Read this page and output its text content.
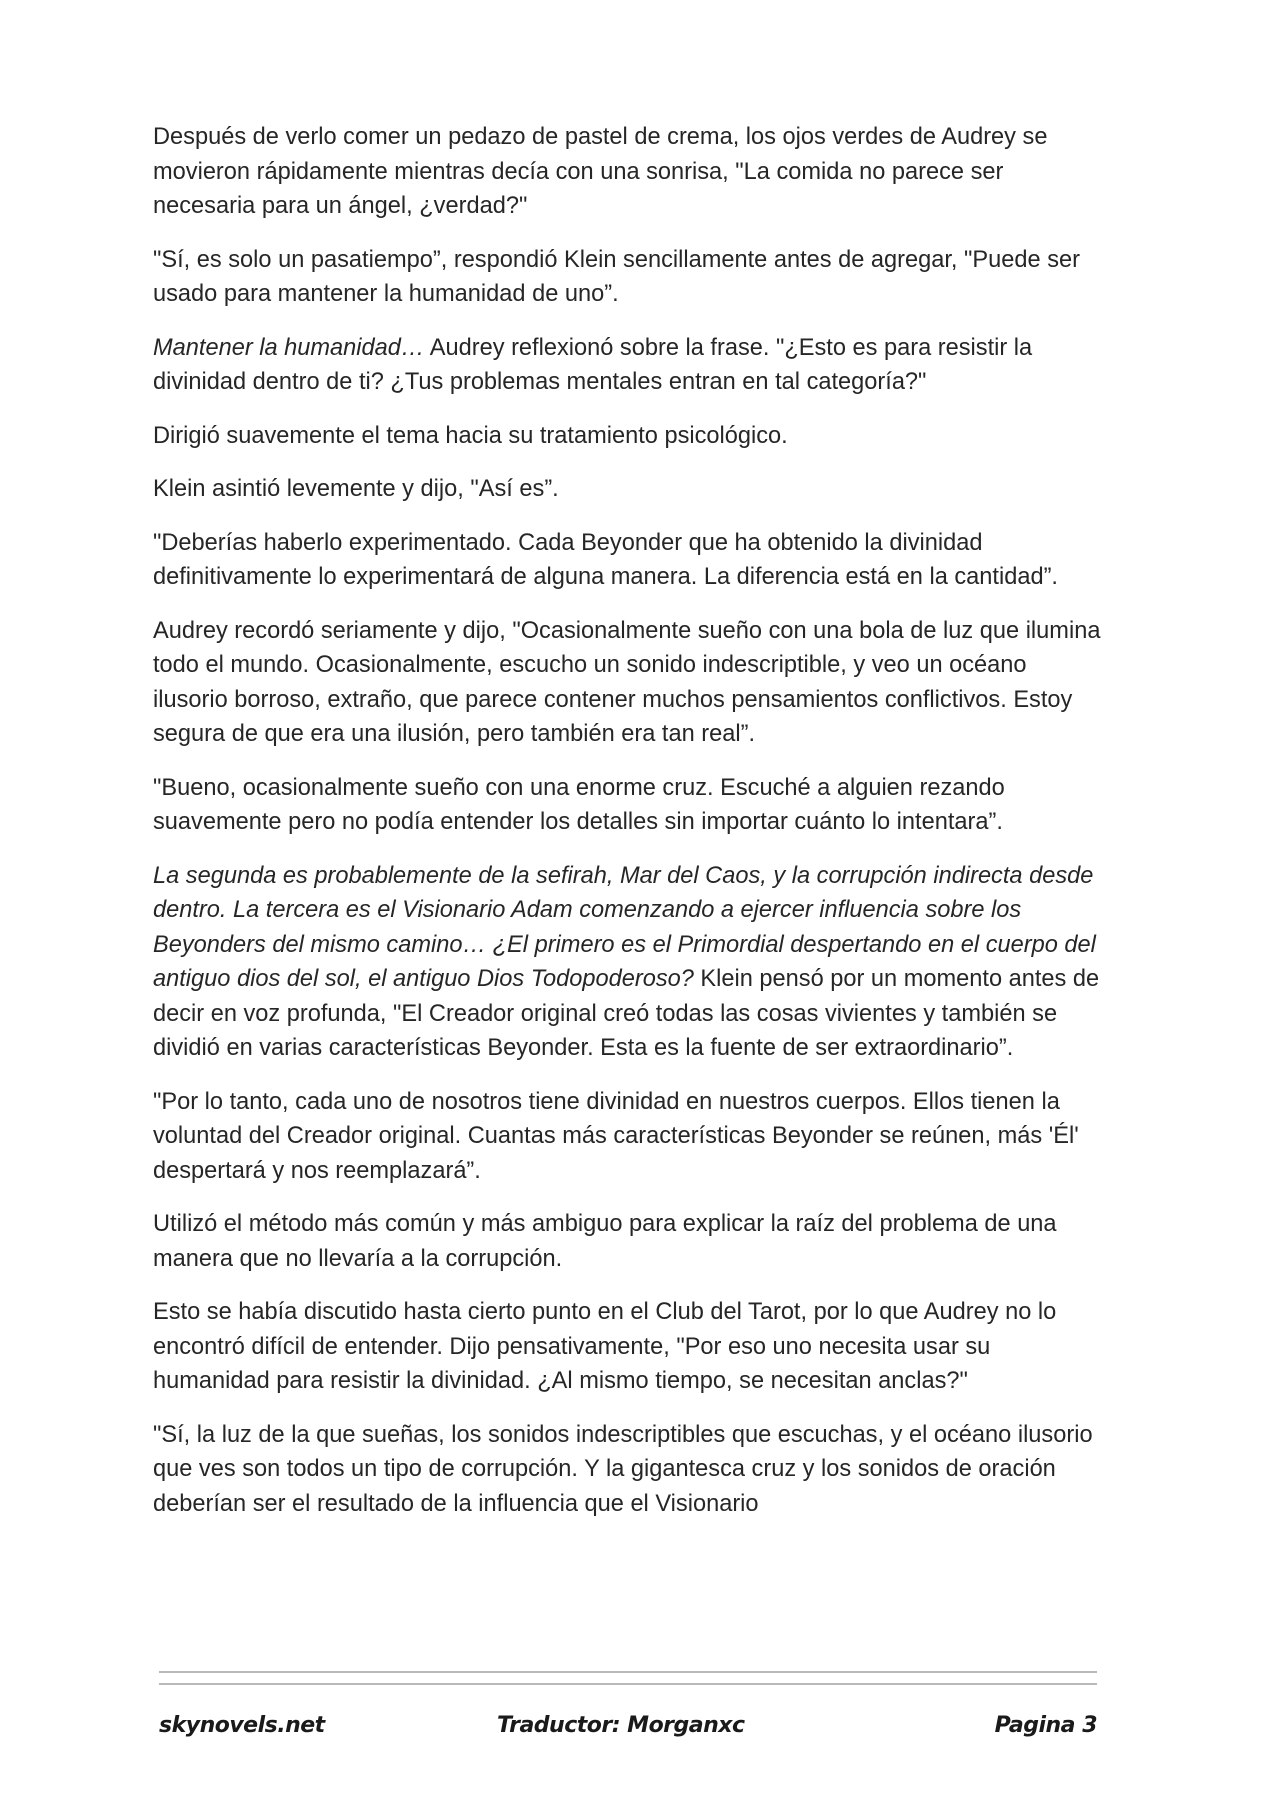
Después de verlo comer un pedazo de pastel de crema, los ojos verdes de Audrey se movieron rápidamente mientras decía con una sonrisa, "La comida no parece ser necesaria para un ángel, ¿verdad?"

"Sí, es solo un pasatiempo”, respondió Klein sencillamente antes de agregar, "Puede ser usado para mantener la humanidad de uno”.

Mantener la humanidad… Audrey reflexionó sobre la frase. "¿Esto es para resistir la divinidad dentro de ti? ¿Tus problemas mentales entran en tal categoría?"

Dirigió suavemente el tema hacia su tratamiento psicológico.

Klein asintió levemente y dijo, "Así es”.

"Deberías haberlo experimentado. Cada Beyonder que ha obtenido la divinidad definitivamente lo experimentará de alguna manera. La diferencia está en la cantidad”.

Audrey recordó seriamente y dijo, "Ocasionalmente sueño con una bola de luz que ilumina todo el mundo. Ocasionalmente, escucho un sonido indescriptible, y veo un océano ilusorio borroso, extraño, que parece contener muchos pensamientos conflictivos. Estoy segura de que era una ilusión, pero también era tan real”.

"Bueno, ocasionalmente sueño con una enorme cruz. Escuché a alguien rezando suavemente pero no podía entender los detalles sin importar cuánto lo intentara”.

La segunda es probablemente de la sefirah, Mar del Caos, y la corrupción indirecta desde dentro. La tercera es el Visionario Adam comenzando a ejercer influencia sobre los Beyonders del mismo camino… ¿El primero es el Primordial despertando en el cuerpo del antiguo dios del sol, el antiguo Dios Todopoderoso? Klein pensó por un momento antes de decir en voz profunda, "El Creador original creó todas las cosas vivientes y también se dividió en varias características Beyonder. Esta es la fuente de ser extraordinario”.

"Por lo tanto, cada uno de nosotros tiene divinidad en nuestros cuerpos. Ellos tienen la voluntad del Creador original. Cuantas más características Beyonder se reúnen, más 'Él' despertará y nos reemplazará”.

Utilizó el método más común y más ambiguo para explicar la raíz del problema de una manera que no llevaría a la corrupción.

Esto se había discutido hasta cierto punto en el Club del Tarot, por lo que Audrey no lo encontró difícil de entender. Dijo pensativamente, "Por eso uno necesita usar su humanidad para resistir la divinidad. ¿Al mismo tiempo, se necesitan anclas?"

"Sí, la luz de la que sueñas, los sonidos indescriptibles que escuchas, y el océano ilusorio que ves son todos un tipo de corrupción. Y la gigantesca cruz y los sonidos de oración deberían ser el resultado de la influencia que el Visionario

skynovels.net	Traductor: Morganxc	Pagina 3
